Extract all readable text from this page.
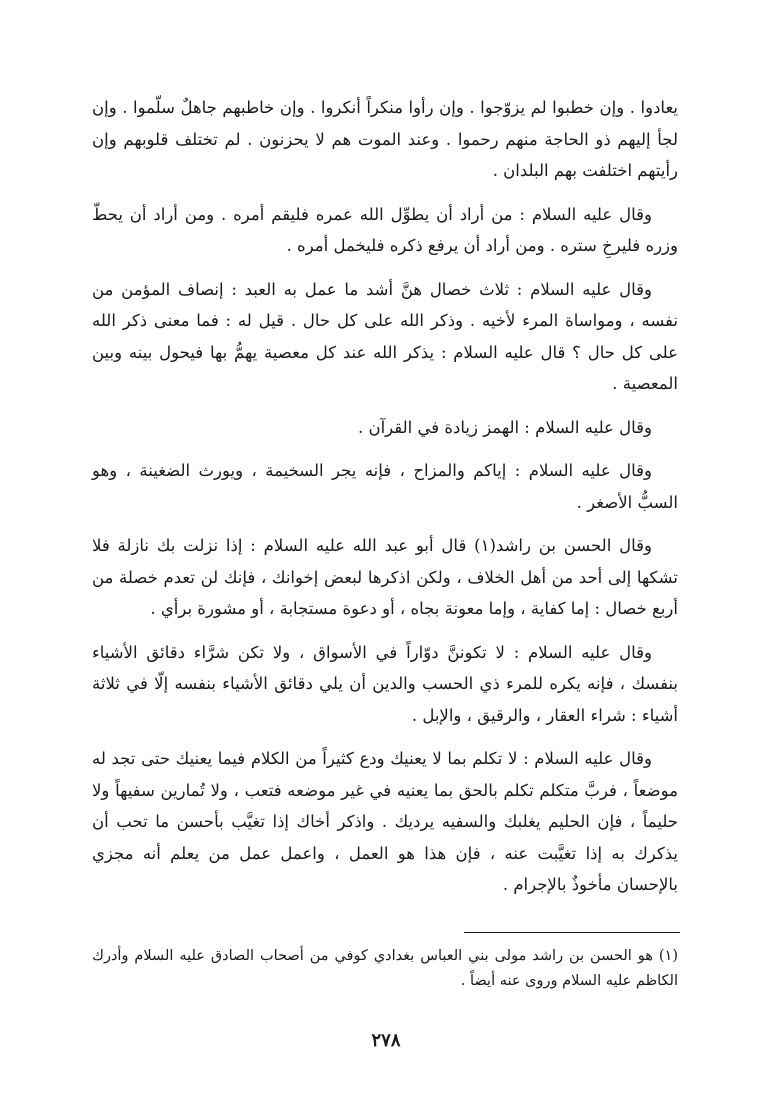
يعادوا . وإن خطبوا لم يزوّجوا . وإن رأوا منكراً أنكروا . وإن خاطبهم جاهلٌ سلّموا . وإن لجأ إليهم ذو الحاجة منهم رحموا . وعند الموت هم لا يحزنون . لم تختلف قلوبهم وإن رأيتهم اختلفت بهم البلدان .

وقال عليه السلام : من أراد أن يطوِّل الله عمره فليقم أمره . ومن أراد أن يحطّ وزره فليرخِ ستره . ومن أراد أن يرفع ذكره فليخمل أمره .

وقال عليه السلام : ثلاث خصال هنَّ أشد ما عمل به العبد : إنصاف المؤمن من نفسه ، ومواساة المرء لأخيه . وذكر الله على كل حال . قيل له : فما معنى ذكر الله على كل حال ؟ قال عليه السلام : يذكر الله عند كل معصية يهمُّ بها فيحول بينه وبين المعصية .

وقال عليه السلام : الهمز زيادة في القرآن .

وقال عليه السلام : إياكم والمزاح ، فإنه يجر السخيمة ، ويورث الضغينة ، وهو السبُّ الأصغر .

وقال الحسن بن راشد(١) قال أبو عبد الله عليه السلام : إذا نزلت بك نازلة فلا تشكها إلى أحد من أهل الخلاف ، ولكن اذكرها لبعض إخوانك ، فإنك لن تعدم خصلة من أربع خصال : إما كفاية ، وإما معونة بجاه ، أو دعوة مستجابة ، أو مشورة برأي .

وقال عليه السلام : لا تكوننَّ دوّاراً في الأسواق ، ولا تكن شرَّاء دقائق الأشياء بنفسك ، فإنه يكره للمرء ذي الحسب والدين أن يلي دقائق الأشياء بنفسه إلّا في ثلاثة أشياء : شراء العقار ، والرقيق ، والإبل .

وقال عليه السلام : لا تكلم بما لا يعنيك ودع كثيراً من الكلام فيما يعنيك حتى تجد له موضعاً ، فربَّ متكلم تكلم بالحق بما يعنيه في غير موضعه فتعب ، ولا تُمارين سفيهاً ولا حليماً ، فإن الحليم يغلبك والسفيه يرديك . واذكر أخاك إذا تغيَّب بأحسن ما تحب أن يذكرك به إذا تغيَّبت عنه ، فإن هذا هو العمل ، واعمل عمل من يعلم أنه مجزي بالإحسان مأخوذٌ بالإجرام .

(١) هو الحسن بن راشد مولى بني العباس بغدادي كوفي من أصحاب الصادق عليه السلام وأدرك الكاظم عليه السلام وروى عنه أيضاً .

٢٧٨
